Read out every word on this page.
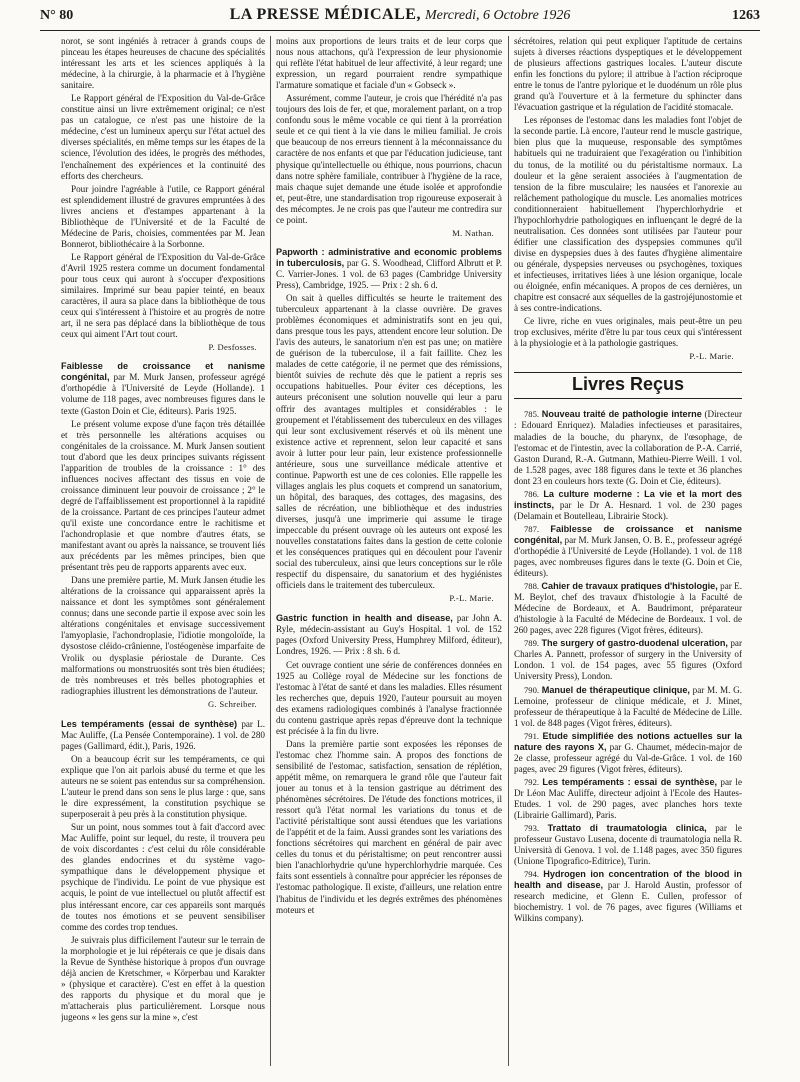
N° 80	LA PRESSE MÉDICALE, Mercredi, 6 Octobre 1926	1263

norot, se sont ingéniés à retracer à grands coups de pinceau les étapes heureuses de chacune des spécialités intéressant les arts et les sciences appliqués à la médecine, à la chirurgie, à la pharmacie et à l'hygiène sanitaire.

Le Rapport général de l'Exposition du Val-de-Grâce constitue ainsi un livre extrêmement original; ce n'est pas un catalogue, ce n'est pas une histoire de la médecine, c'est un lumineux aperçu sur l'état actuel des diverses spécialités, en même temps sur les étapes de la science, l'évolution des idées, le progrès des méthodes, l'enchaînement des expériences et la continuité des efforts des chercheurs.

Pour joindre l'agréable à l'utile, ce Rapport général est splendidement illustré de gravures empruntées à des livres anciens et d'estampes appartenant à la Bibliothèque de l'Université et de la Faculté de Médecine de Paris, choisies, commentées par M. Jean Bonnerot, bibliothécaire à la Sorbonne.

Le Rapport général de l'Exposition du Val-de-Grâce d'Avril 1925 restera comme un document fondamental pour tous ceux qui auront à s'occuper d'expositions similaires. Imprimé sur beau papier teinté, en beaux caractères, il aura sa place dans la bibliothèque de tous ceux qui s'intéressent à l'histoire et au progrès de notre art, il ne sera pas déplacé dans la bibliothèque de tous ceux qui aiment l'Art tout court.

P. Desfosses.

Faiblesse de croissance et nanisme congénital, par M. Murk Jansen, professeur agrégé d'orthopédie à l'Université de Leyde (Hollande). 1 volume de 118 pages, avec nombreuses figures dans le texte (Gaston Doin et Cie, éditeurs). Paris 1925.

Le présent volume expose d'une façon très détaillée et très personnelle les altérations acquises ou congénitales de la croissance. M. Murk Jansen soutient tout d'abord que les deux principes suivants régissent l'apparition de troubles de la croissance : 1° des influences nocives affectant des tissus en voie de croissance diminuent leur pouvoir de croissance ; 2° le degré de l'affaiblissement est proportionnel à la rapidité de la croissance. Partant de ces principes l'auteur admet qu'il existe une concordance entre le rachitisme et l'achondroplasie et que nombre d'autres états, se manifestant avant ou après la naissance, se trouvent liés aux précédents par les mêmes principes, bien que présentant très peu de rapports apparents avec eux.

Dans une première partie, M. Murk Jansen étudie les altérations de la croissance qui apparaissent après la naissance et dont les symptômes sont généralement connus; dans une seconde partie il expose avec soin les altérations congénitales et envisage successivement l'amyoplasie, l'achondroplasie, l'idiotie mongoloïde, la dysostose cléido-crânienne, l'ostéogenèse imparfaite de Vrolik ou dysplasie périostale de Durante. Ces malformations ou monstruosités sont très bien étudiées; de très nombreuses et très belles photographies et radiographies illustrent les démonstrations de l'auteur.

G. Schreiber.

Les tempéraments (essai de synthèse) par L. Mac Auliffe, (La Pensée Contemporaine). 1 vol. de 280 pages (Gallimard, édit.), Paris, 1926.

On a beaucoup écrit sur les tempéraments, ce qui explique que l'on ait parlois abusé du terme et que les auteurs ne se soient pas entendus sur sa compréhension. L'auteur le prend dans son sens le plus large : que, sans le dire expressément, la constitution psychique se superposerait à peu près à la constitution physique.

Sur un point, nous sommes tout à fait d'accord avec Mac Auliffe, point sur lequel, du reste, il trouvera peu de voix discordantes : c'est celui du rôle considérable des glandes endocrines et du système vago-sympathique dans le développement physique et psychique de l'individu. Le point de vue physique est acquis, le point de vue intellectuel ou plutôt affectif est plus intéressant encore, car ces appareils sont marqués de toutes nos émotions et se peuvent sensibiliser comme des cordes trop tendues.

Je suivrais plus difficilement l'auteur sur le terrain de la morphologie et je lui répéterais ce que je disais dans la Revue de Synthèse historique à propos d'un ouvrage déjà ancien de Kretschmer, « Körperbau und Karakter » (physique et caractère). C'est en effet à la question des rapports du physique et du moral que je m'attacherais plus particulièrement. Lorsque nous jugeons « les gens sur la mine », c'est

moins aux proportions de leurs traits et de leur corps que nous nous attachons, qu'à l'expression de leur physionomie qui reflète l'état habituel de leur affectivité, à leur regard; une expression, un regard pourraient rendre sympathique l'armature somatique et faciale d'un « Gobseck ».

Assurément, comme l'auteur, je crois que l'hérédité n'a pas toujours des lois de fer, et que, moralement parlant, on a trop confondu sous le même vocable ce qui tient à la prorréation seule et ce qui tient à la vie dans le milieu familial. Je crois que beaucoup de nos erreurs tiennent à la méconnaissance du caractère de nos enfants et que par l'éducation judicieuse, tant physique qu'intellectuelle ou éthique, nous pourrions, chacun dans notre sphère familiale, contribuer à l'hygiène de la race, mais chaque sujet demande une étude isolée et approfondie et, peut-être, une standardisation trop rigoureuse exposerait à des mécomptes. Je ne crois pas que l'auteur me contredira sur ce point.

M. Nathan.

Papworth : administrative and economic problems in tuberculosis, par G. S. Woodhead, Clifford Albrutt et P. C. Varrier-Jones. 1 vol. de 63 pages (Cambridge University Press), Cambridge, 1925. — Prix : 2 sh. 6 d.

On sait à quelles difficultés se heurte le traitement des tuberculeux appartenant à la classe ouvrière. De graves problèmes économiques et administratifs sont en jeu qui, dans presque tous les pays, attendent encore leur solution. De l'avis des auteurs, le sanatorium n'en est pas une; on matière de guérison de la tuberculose, il a fait faillite. Chez les malades de cette catégorie, il ne permet que des rémissions, bientôt suivies de rechute dès que le patient a repris ses occupations habituelles. Pour éviter ces déceptions, les auteurs préconisent une solution nouvelle qui leur a paru offrir des avantages multiples et considérables : le groupement et l'établissement des tuberculeux en des villages qui leur sont exclusivement réservés et où ils mènent une existence active et reprennent, selon leur capacité et sans avoir à lutter pour leur pain, leur existence professionnelle antérieure, sous une surveillance médicale attentive et continue. Papworth est une de ces colonies. Elle rappelle les villages anglais les plus coquets et comprend un sanatorium, un hôpital, des baraques, des cottages, des magasins, des salles de récréation, une bibliothèque et des industries diverses, jusqu'à une imprimerie qui assume le tirage impeccable du présent ouvrage où les auteurs ont exposé les nouvelles constatations faites dans la gestion de cette colonie et les conséquences pratiques qui en découlent pour l'avenir social des tuberculeux, ainsi que leurs conceptions sur le rôle respectif du dispensaire, du sanatorium et des hygiénistes officiels dans le traitement des tuberculeux.

P.-L. Marie.

Gastric function in health and disease, par John A. Ryle, médecin-assistant au Guy's Hospital. 1 vol. de 152 pages (Oxford University Press, Humphrey Milford, éditeur), Londres, 1926. — Prix : 8 sh. 6 d.

Cet ouvrage contient une série de conférences données en 1925 au Collège royal de Médecine sur les fonctions de l'estomac à l'état de santé et dans les maladies. Elles résument les recherches que, depuis 1920, l'auteur poursuit au moyen des examens radiologiques combinés à l'analyse fractionnée du contenu gastrique après repas d'épreuve dont la technique est précisée à la fin du livre.

Dans la première partie sont exposées les réponses de l'estomac chez l'homme sain. A propos des fonctions de sensibilité de l'estomac, satisfaction, sensation de réplétion, appétit même, on remarquera le grand rôle que l'auteur fait jouer au tonus et à la tension gastrique au détriment des phénomènes sécrétoires. De l'étude des fonctions motrices, il ressort qu'à l'état normal les variations du tonus et de l'activité péristaltique sont aussi étendues que les variations de l'appétit et de la faim. Aussi grandes sont les variations des fonctions sécrétoires qui marchent en général de pair avec celles du tonus et du péristaltisme; on peut rencontrer aussi bien l'anachlorhydrie qu'une hyperchlorhydrie marquée. Ces faits sont essentiels à connaître pour apprécier les réponses de l'estomac pathologique. Il existe, d'ailleurs, une relation entre l'habitus de l'individu et les degrés extrêmes des phénomènes moteurs et

sécrétoires, relation qui peut expliquer l'aptitude de certains sujets à diverses réactions dyspeptiques et le développement de plusieurs affections gastriques locales. L'auteur discute enfin les fonctions du pylore; il attribue à l'action réciproque entre le tonus de l'antre pylorique et le duodénum un rôle plus grand qu'à l'ouverture et à la fermeture du sphincter dans l'évacuation gastrique et la régulation de l'acidité stomacale.

Les réponses de l'estomac dans les maladies font l'objet de la seconde partie. Là encore, l'auteur rend le muscle gastrique, bien plus que la muqueuse, responsable des symptômes habituels qui ne traduiraient que l'exagération ou l'inhibition du tonus, de la motilité ou du péristaltisme normaux. La douleur et la gêne seraient associées à l'augmentation de tension de la fibre musculaire; les nausées et l'anorexie au relâchement pathologique du muscle. Les anomalies motrices conditionneraient habituellement l'hyperchlorhydrie et l'hypochlorhydrie pathologiques en influençant le degré de la neutralisation. Ces données sont utilisées par l'auteur pour édifier une classification des dyspepsies communes qu'il divise en dyspepsies dues à des fautes d'hygiène alimentaire ou générale, dyspepsies nerveuses ou psychogènes, toxiques et infectieuses, irritatives liées à une lésion organique, locale ou éloignée, enfin mécaniques. A propos de ces dernières, un chapitre est consacré aux séquelles de la gastrojéjunostomie et à ses contre-indications.

Ce livre, riche en vues originales, mais peut-être un peu trop exclusives, mérite d'être lu par tous ceux qui s'intéressent à la physiologie et à la pathologie gastriques.

P.-L. Marie.
Livres Reçus

785. Nouveau traité de pathologie interne (Directeur : Edouard Enriquez). Maladies infectieuses et parasitaires, maladies de la bouche, du pharynx, de l'œsophage, de l'estomac et de l'intestin, avec la collaboration de P.-A. Carrié, Gaston Durand, R.-A. Gutmann, Mathieu-Pierre Weill. 1 vol. de 1.528 pages, avec 188 figures dans le texte et 36 planches dont 23 en couleurs hors texte (G. Doin et Cie, éditeurs).

786. La culture moderne : La vie et la mort des instincts, par le Dr A. Hesnard. 1 vol. de 230 pages (Delamain et Boutelleau, Librairie Stock).

787. Faiblesse de croissance et nanisme congénital, par M. Murk Jansen, O. B. E., professeur agrégé d'orthopédie à l'Université de Leyde (Hollande). 1 vol. de 118 pages, avec nombreuses figures dans le texte (G. Doin et Cie, éditeurs).

788. Cahier de travaux pratiques d'histologie, par E. M. Beylot, chef des travaux d'histologie à la Faculté de Médecine de Bordeaux, et A. Baudrimont, préparateur d'histologie à la Faculté de Médecine de Bordeaux. 1 vol. de 260 pages, avec 228 figures (Vigot frères, éditeurs).

789. The surgery of gastro-duodenal ulceration, par Charles A. Pannett, professor of surgery in the University of London. 1 vol. de 154 pages, avec 55 figures (Oxford University Press), London.

790. Manuel de thérapeutique clinique, par M. M. G. Lemoine, professeur de clinique médicale, et J. Minet, professeur de thérapeutique à la Faculté de Médecine de Lille. 1 vol. de 848 pages (Vigot frères, éditeurs).

791. Etude simplifiée des notions actuelles sur la nature des rayons X, par G. Chaumet, médecin-major de 2e classe, professeur agrégé du Val-de-Grâce. 1 vol. de 160 pages, avec 29 figures (Vigot frères, éditeurs).

792. Les tempéraments : essai de synthèse, par le Dr Léon Mac Auliffe, directeur adjoint à l'Ecole des Hautes-Etudes. 1 vol. de 290 pages, avec planches hors texte (Librairie Gallimard), Paris.

793. Trattato di traumatologia clinica, par le professeur Gustavo Lusena, docente di traumatologia nella R. Università di Genova. 1 vol. de 1.148 pages, avec 350 figures (Unione Tipografico-Editrice), Turin.

794. Hydrogen ion concentration of the blood in health and disease, par J. Harold Austin, professor of research medicine, et Glenn E. Cullen, professor of biochemistry. 1 vol. de 76 pages, avec figures (Williams et Wilkins company).
